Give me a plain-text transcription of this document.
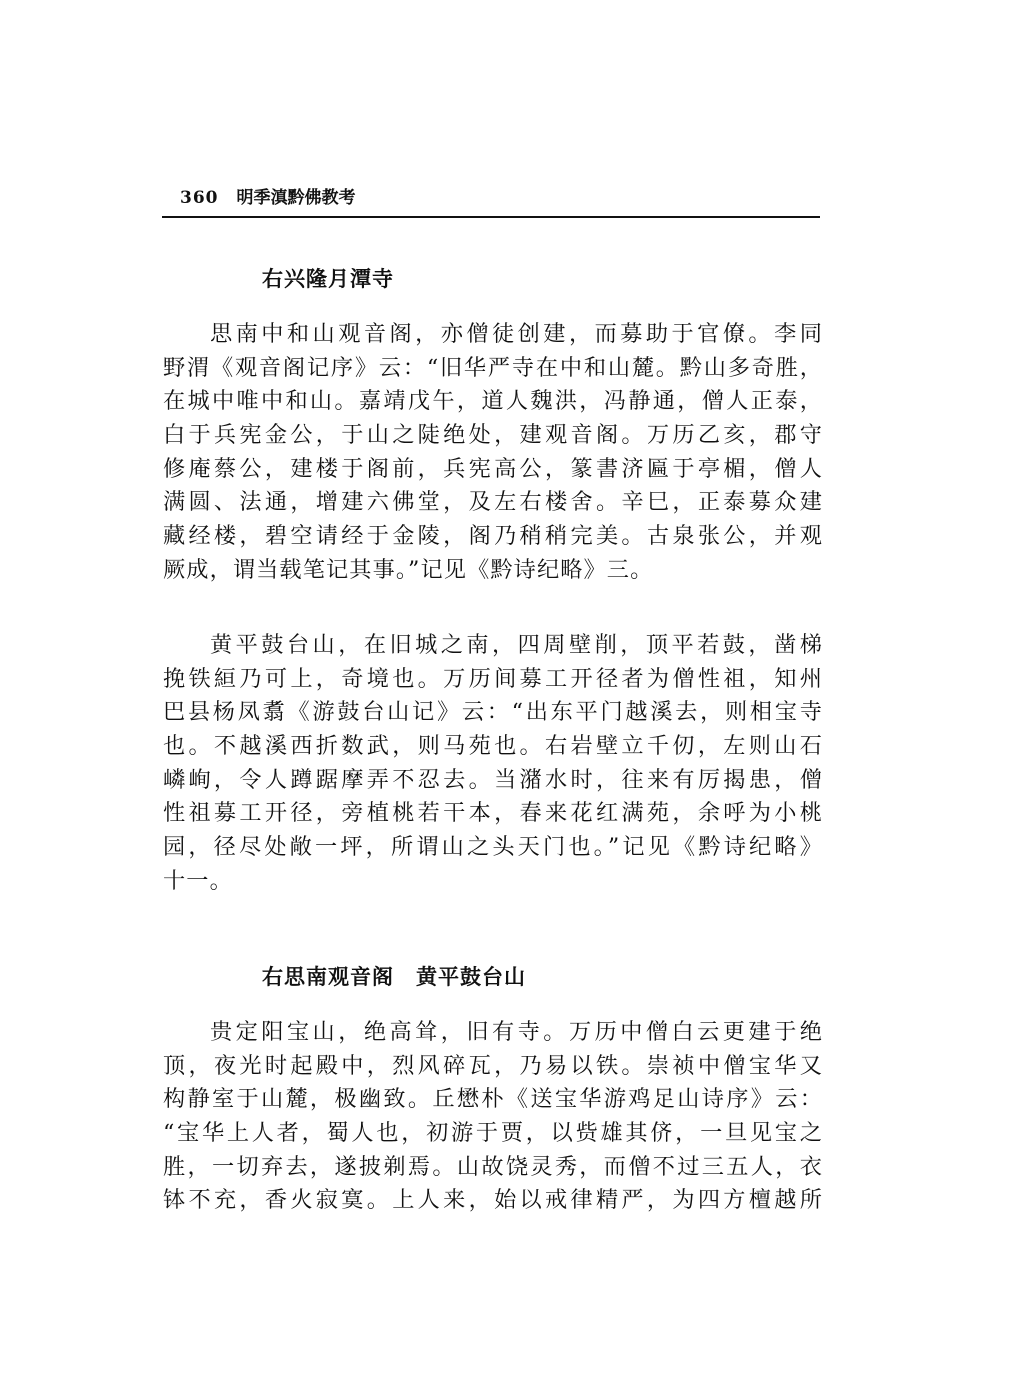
360 明季滇黔佛教考
右兴隆月潭寺
思南中和山观音阁，亦僧徒创建，而募助于官僚。李同
野渭《观音阁记序》云：“旧华严寺在中和山麓。黔山多奇胜，
在城中唯中和山。嘉靖戊午，道人魏洪，冯静通，僧人正泰，
白于兵宪金公，于山之陡绝处，建观音阁。万历乙亥，郡守
修庵蔡公，建楼于阁前，兵宪高公，篆書济匾于亭楣，僧人
满圆、法通，增建六佛堂，及左右楼舍。辛巳，正泰募众建
藏经楼，碧空请经于金陵，阁乃稍稍完美。古泉张公，并观
厥成，谓当载笔记其事。”记见《黔诗纪略》三。
黄平鼓台山，在旧城之南，四周壁削，顶平若鼓，凿梯
挽铁絙乃可上，奇境也。万历间募工开径者为僧性祖，知州
巴县杨凤翥《游鼓台山记》云：“出东平门越溪去，则相宝寺
也。不越溪西折数武，则马苑也。右岩壁立千仞，左则山石
嶙峋，令人蹲踞摩弄不忍去。当潴水时，往来有厉揭患，僧
性祖募工开径，旁植桃若干本，春来花红满苑，余呼为小桃
园，径尽处敞一坪，所谓山之头天门也。”记见《黔诗纪略》
十一。
右思南观音阁 黄平鼓台山
贵定阳宝山，绝高耸，旧有寺。万历中僧白云更建于绝
顶，夜光时起殿中，烈风碎瓦，乃易以铁。崇祯中僧宝华又
构静室于山麓，极幽致。丘懋朴《送宝华游鸡足山诗序》云：
“宝华上人者，蜀人也，初游于贾，以赀雄其侪，一旦见宝之
胜，一切弃去，遂披剃焉。山故饶灵秀，而僧不过三五人，衣
钵不充，香火寂寞。上人来，始以戒律精严，为四方檀越所
